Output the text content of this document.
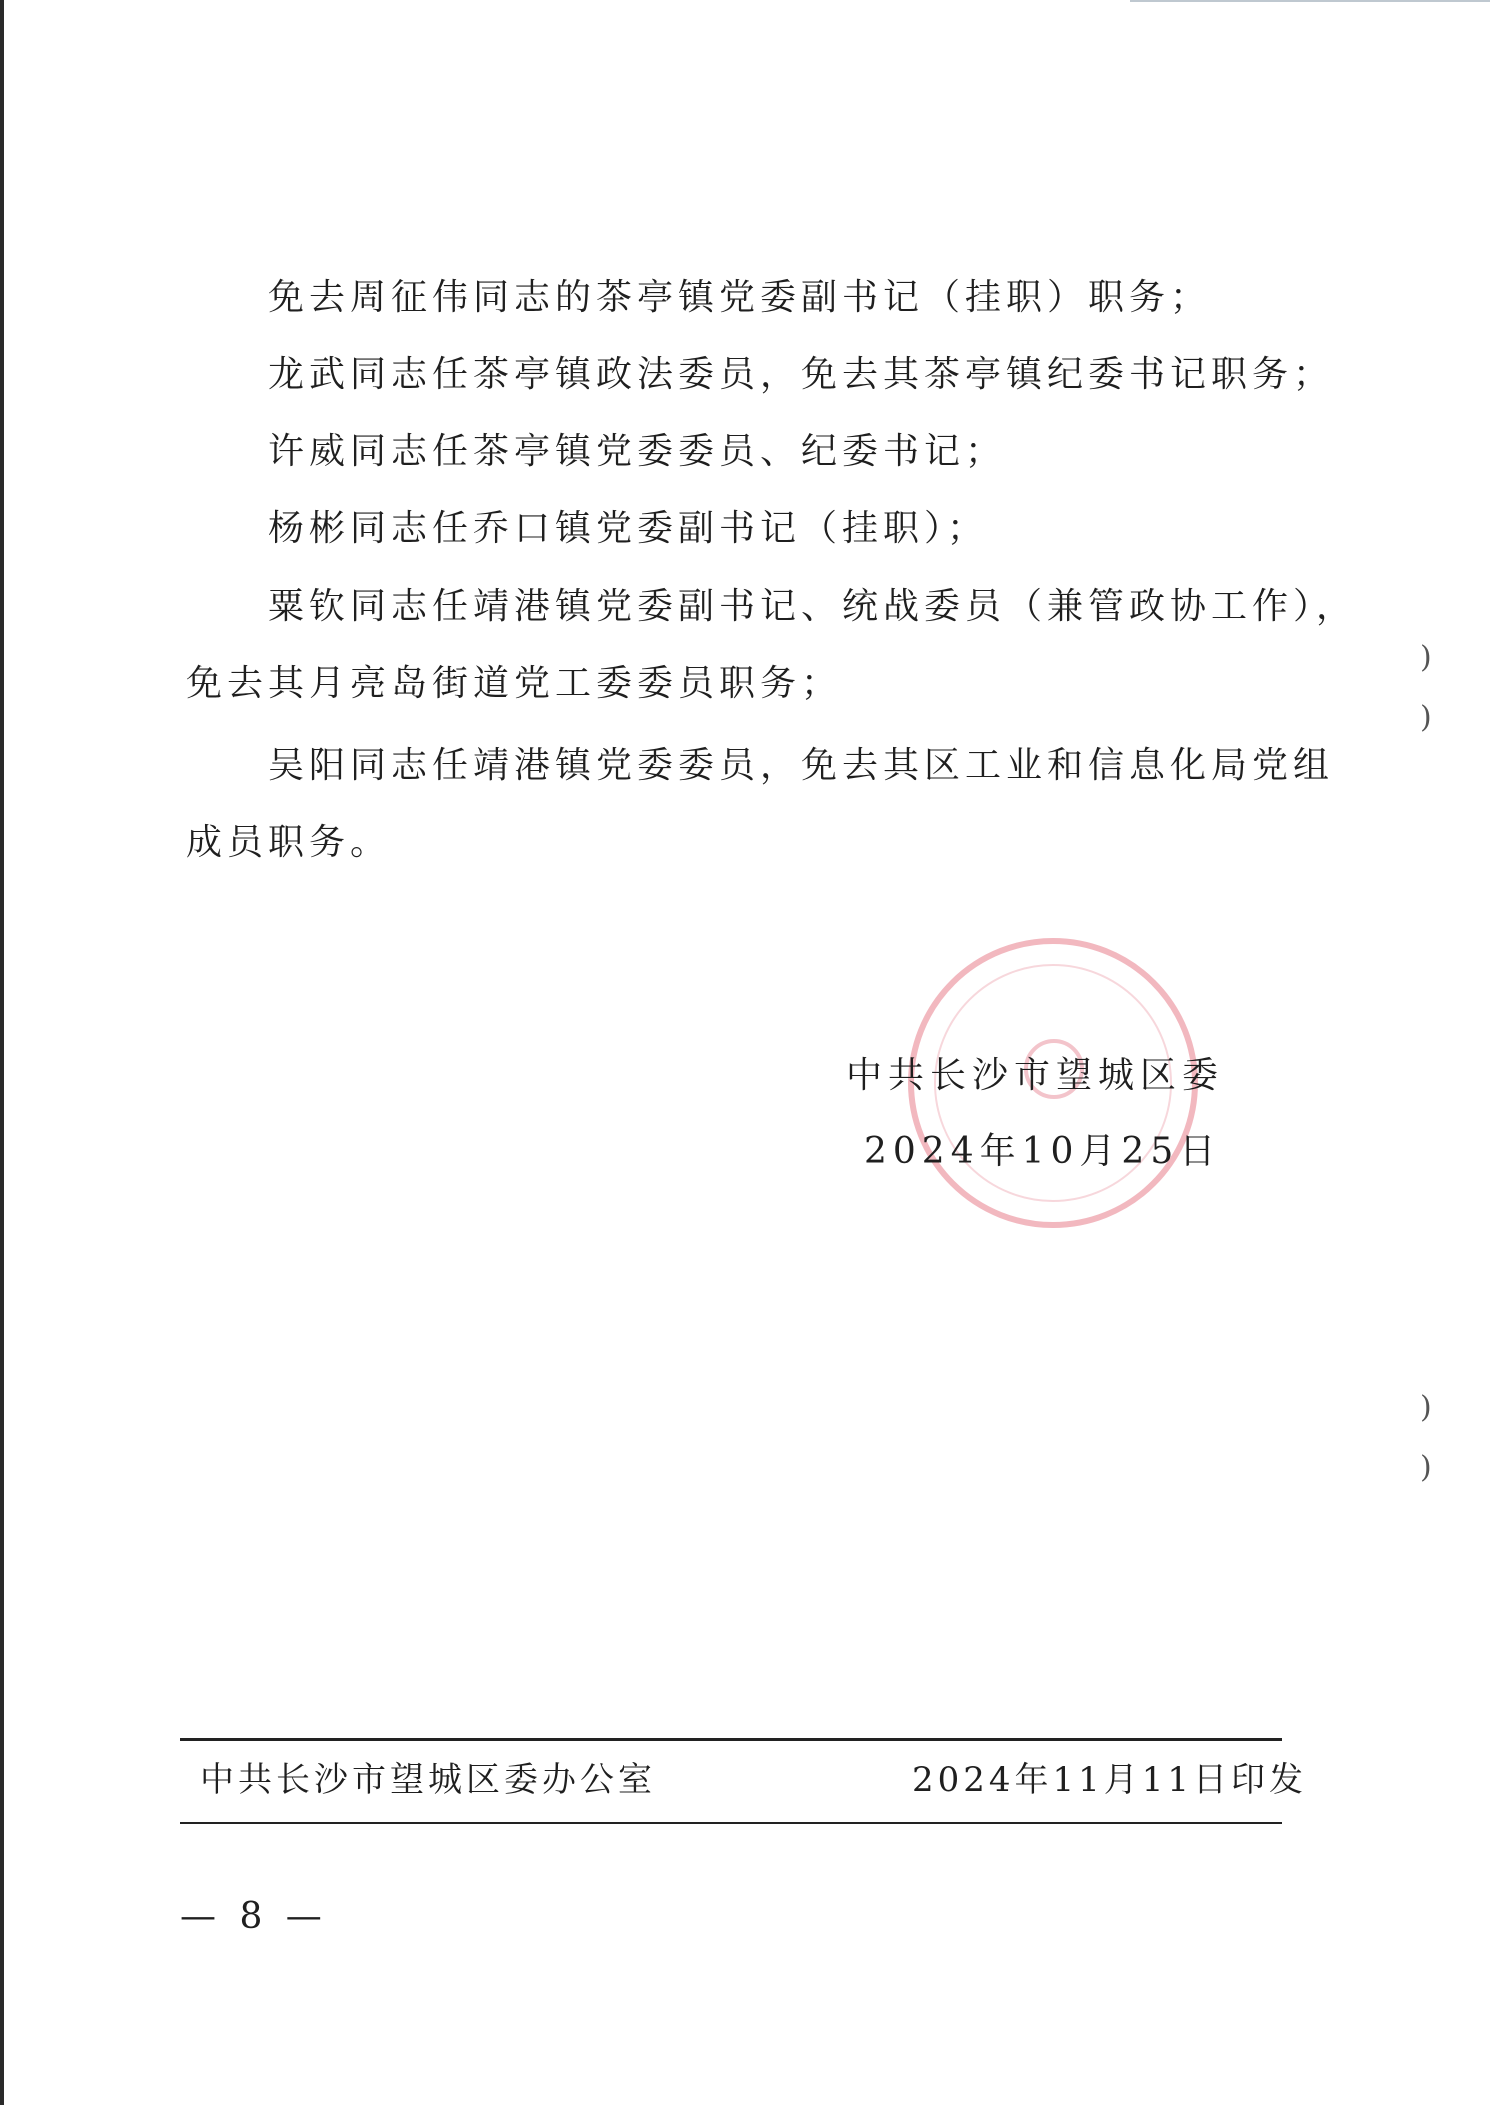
免去周征伟同志的茶亭镇党委副书记（挂职）职务；
龙武同志任茶亭镇政法委员，免去其茶亭镇纪委书记职务；
许威同志任茶亭镇党委委员、纪委书记；
杨彬同志任乔口镇党委副书记（挂职）；
粟钦同志任靖港镇党委副书记、统战委员（兼管政协工作），
免去其月亮岛街道党工委委员职务；
吴阳同志任靖港镇党委委员，免去其区工业和信息化局党组
成员职务。
中共长沙市望城区委
2024年10月25日
)
)
)
)
中共长沙市望城区委办公室	2024年11月11日印发
— 8 —
